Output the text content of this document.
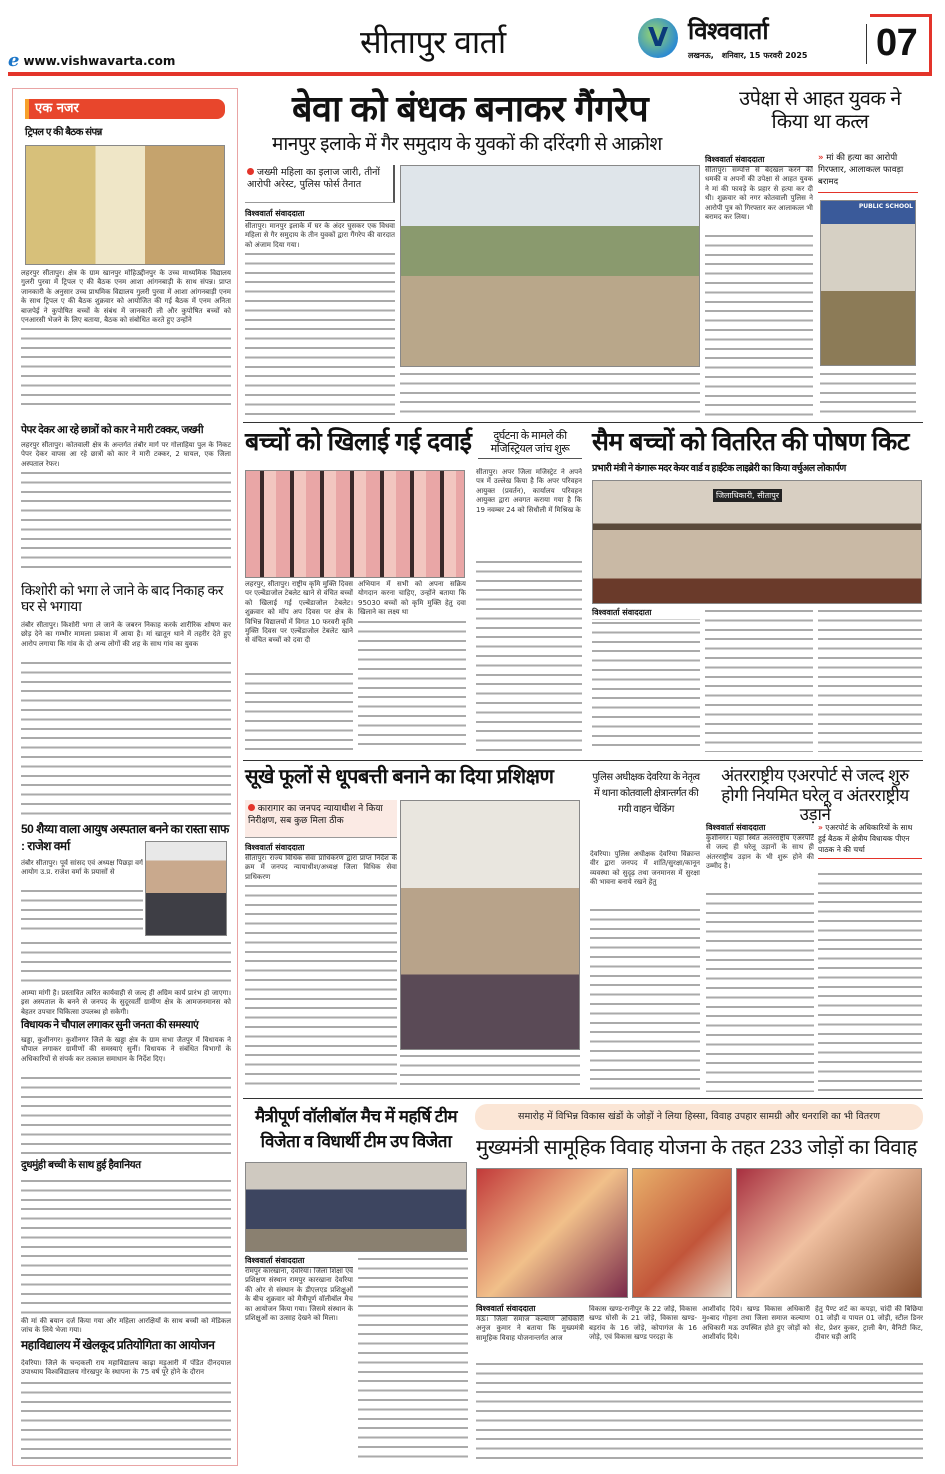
e www.vishwavarta.com
सीतापुर वार्ता	V विश्ववार्ता
लखनऊ, शनिवार, 15 फरवरी 2025 07
एक नजर
ट्रिपल ए की बैठक संपन्न
लहरपुर सीतापुर। क्षेत्र के ग्राम खानपुर मोहिउद्दीनपुर के उच्च माध्यमिक विद्यालय गुलरी पुरवा में ट्रिपल ए की बैठक एनम आशा आंगनबाड़ी के साथ संपन्न। प्राप्त जानकारी के अनुसार उच्च प्राथमिक विद्यालय गुलरी पुरवा में आशा आंगनबाड़ी एनम के साथ ट्रिपल ए की बैठक शुक्रवार को आयोजित की गई बैठक में एनम अनिता बाजपेई ने कुपोषित बच्चों के संबंध में जानकारी ली और कुपोषित बच्चों को एनआरसी भेजने के लिए बताया, बैठक को संबोधित करते हुए उन्होंने
पेपर देकर आ रहे छात्रों को कार ने मारी टक्कर, जख्मी
लहरपुर सीतापुर। कोतवाली क्षेत्र के अन्तर्गत तंबौर मार्ग पर गोलाहिया पुल के निकट पेपर देकर वापस आ रहे छात्रों को कार ने मारी टक्कर, 2 घायल, एक जिला अस्पताल रेफर।
किशोरी को भगा ले जाने के बाद निकाह कर घर से भगाया
तंबौर सीतापुर। किशोरी भगा ले जाने के जबरन निकाह करके शारीरिक शोषण कर छोड़ देने का गम्भीर मामला प्रकाश में आया है। मां खातून थाने में तहरीर देते हुए आरोप लगाया कि गांव के दो अन्य लोगों की शह के साथ गांव का युवक
50 शैय्या वाला आयुष अस्पताल बनने का रास्ता साफ : राजेश वर्मा
तंबौर सीतापुर। पूर्व सांसद एवं अध्यक्ष पिछड़ा वर्ग आयोग उ.प्र. राजेश वर्मा के प्रयासों से
आम्या मांगी है। प्रस्तावित त्वरित कार्यवाही से जल्द ही अग्रिम कार्य प्रारंभ हो जाएगा। इस अस्पताल के बनने से जनपद के सुदूरवर्ती ग्रामीण क्षेत्र के आमजनमानस को बेहतर उपचार चिकित्सा उपलब्ध हो सकेगी।
विधायक ने चौपाल लगाकर सुनी जनता की समस्याएं
खड्डा, कुशीनगर। कुशीनगर जिले के खड्डा क्षेत्र के ग्राम सभा जैतपुर में विधायक ने चौपाल लगाकर ग्रामीणों की समस्याएं सुनीं। विधायक ने संबंधित विभागों के अधिकारियों से संपर्क कर तत्काल समाधान के निर्देश दिए।
दुधमुंही बच्ची के साथ हुई हैवानियत
की मां की बयान दर्ज किया गया और महिला आरक्षियों के साथ बच्ची को मेडिकल जांच के लिये भेजा गया।
महाविद्यालय में खेलकूद प्रतियोगिता का आयोजन
देवरिया। जिले के चन्दकली राय महाविद्यालय काढ़ा मड़ुआरी में पंडित दीनदयाल उपाध्याय विश्वविद्यालय गोरखपुर के स्थापना के 75 वर्ष पूरे होने के दौरान
बेवा को बंधक बनाकर गैंगरेप
मानपुर इलाके में गैर समुदाय के युवकों की दरिंदगी से आक्रोश
जख्मी महिला का इलाज जारी, तीनों आरोपी अरेस्ट, पुलिस फोर्स तैनात
विश्ववार्ता संवाददाता
सीतापुर। मानपुर इलाके में घर के अंदर घुसकर एक विधवा महिला से गैर समुदाय के तीन युवकों द्वारा गैंगरेप की वारदात को अंजाम दिया गया।
उपेक्षा से आहत युवक ने किया था कत्ल
विश्ववार्ता संवाददाता
सीतापुर। सम्पत्ति से बेदखल करने की धमकी व अपनों की उपेक्षा से आहत युवक ने मां की फावड़े के प्रहार से हत्या कर दी थी। शुक्रवार को नगर कोतवाली पुलिस ने आरोपी पुत्र को गिरफ्तार कर आलाकत्ल भी बरामद कर लिया।
» मां की हत्या का आरोपी गिरफ्तार, आलाकत्ल फावड़ा बरामद
PUBLIC SCHOOL
बच्चों को खिलाई गई दवाई
लहरपुर, सीतापुर। राष्ट्रीय कृमि मुक्ति दिवस पर एल्बेंडाजोल टेबलेट खाने से वंचित बच्चों को खिलाई गई एल्बेंडाजोल टेबलेट। शुक्रवार को मॉप अप दिवस पर क्षेत्र के विभिन्न विद्यालयों में विगत 10 फरवरी कृमि मुक्ति दिवस पर एल्बेंडाजोल टेबलेट खाने से वंचित बच्चों को दवा दी
अभियान में सभी को अपना सक्रिय योगदान करना चाहिए, उन्होंने बताया कि 95030 बच्चों को कृमि मुक्ति हेतु दवा खिलाने का लक्ष्य था
दुर्घटना के मामले की मजिस्ट्रियल जांच शुरू
सीतापुर। अपर जिला मजिस्ट्रेट ने अपने पत्र में उल्लेख किया है कि अपर परिवहन आयुक्त (प्रवर्तन), कार्यालय परिवहन आयुक्त द्वारा अवगत कराया गया है कि 19 नवम्बर 24 को सिधौली में मिश्रिख के
सैम बच्चों को वितरित की पोषण किट
प्रभारी मंत्री ने कंगारू मदर केयर वार्ड व हाईटेक लाइब्रेरी का किया वर्चुअल लोकार्पण
जिलाधिकारी, सीतापुर
विश्ववार्ता संवाददाता
सूखे फूलों से धूपबत्ती बनाने का दिया प्रशिक्षण
कारागार का जनपद न्यायाधीश ने किया निरीक्षण, सब कुछ मिला ठीक
विश्ववार्ता संवाददाता
सीतापुर। राज्य विधिक सेवा प्राधिकरण द्वारा प्राप्त निर्देश के क्रम में जनपद न्यायाधीश/अध्यक्ष जिला विधिक सेवा प्राधिकरण
पुलिस अधीक्षक देवरिया के नेतृत्व में थाना कोतवाली क्षेत्रान्तर्गत की गयी वाहन चेकिंग
देवरिया। पुलिस अधीक्षक देवरिया विक्रान्त वीर द्वारा जनपद में शांति/सुरक्षा/कानून व्यवस्था को सुदृढ़ तथा जनमानस में सुरक्षा की भावना बनाये रखने हेतु
अंतरराष्ट्रीय एअरपोर्ट से जल्द शुरु होगी नियमित घरेलू व अंतरराष्ट्रीय उड़ानें
विश्ववार्ता संवाददाता
कुशीनगर। यहां स्थित अंतरराष्ट्रीय एअरपोर्ट से जल्द ही घरेलू उड़ानों के साथ ही अंतरराष्ट्रीय उड़ान के भी शुरू होने की उम्मीद है।
» एअरपोर्ट के अधिकारियों के साथ हुई बैठक में क्षेत्रीय विधायक पीएन पाठक ने की चर्चा
मैत्रीपूर्ण वॉलीबॉल मैच में महर्षि टीम विजेता व विधार्थी टीम उप विजेता
विश्ववार्ता संवाददाता
रामपुर कारखाना, देवरिया। जिला शिक्षा एवं प्रशिक्षण संस्थान रामपुर कारखाना देवरिया की ओर से संस्थान के डीएलएड प्रशिक्षुओं के बीच शुक्रवार को मैत्रीपूर्ण वॉलीबॉल मैच का आयोजन किया गया। जिसमे संस्थान के प्रशिक्षुओं का उत्साह देखने को मिला।
समारोह में विभिन्न विकास खंडों के जोड़ों ने लिया हिस्सा, विवाह उपहार सामग्री और धनराशि का भी वितरण
मुख्यमंत्री सामूहिक विवाह योजना के तहत 233 जोड़ों का विवाह
विश्ववार्ता संवाददाता
मऊ। जिला समाज कल्याण अधिकारी अनुज कुमार ने बताया कि मुख्यमंत्री सामूहिक विवाह योजनान्तर्गत आज
विकास खण्ड-रानीपुर के 22 जोड़े, विकास खण्ड घोसी के 21 जोड़े, विकास खण्ड-बड़रांव के 16 जोड़े, कोपागंज के 16 जोड़े, एवं विकास खण्ड परदहा के
आशीर्वाद दिये। खण्ड विकास अधिकारी मु०बाद गोहना तथा जिला समाज कल्याण अधिकारी मऊ उपस्थित होते हुए जोड़ों को आशीर्वाद दिये।
हेतु पैण्ट शर्ट का कपड़ा, चांदी की बिछिया 01 जोड़ी व पायल 01 जोड़ी, स्टील डिनर सेट, प्रेशर कुकर, ट्राली बैग, वैनिटी किट, दीवार घड़ी आदि
